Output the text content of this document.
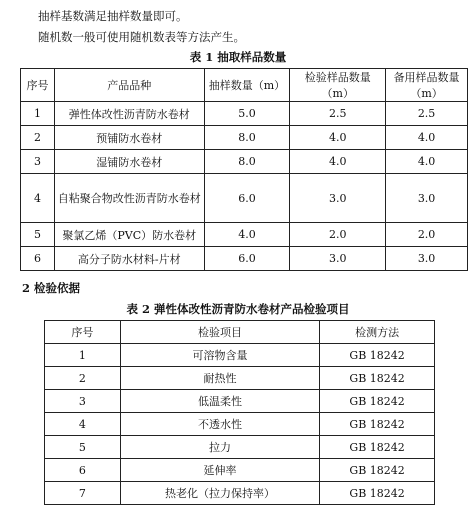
抽样基数满足抽样数量即可。

随机数一般可使用随机数表等方法产生。

表 1 抽取样品数量

序号	产品品种	抽样数量（m）	检验样品数量（m）	备用样品数量（m）
1	弹性体改性沥青防水卷材	5.0	2.5	2.5
2	预铺防水卷材	8.0	4.0	4.0
3	湿铺防水卷材	8.0	4.0	4.0
4	自粘聚合物改性沥青防水卷材	6.0	3.0	3.0
5	聚氯乙烯（PVC）防水卷材	4.0	2.0	2.0
6	高分子防水材料-片材	6.0	3.0	3.0

2 检验依据

表 2 弹性体改性沥青防水卷材产品检验项目

序号	检验项目	检测方法
1	可溶物含量	GB 18242
2	耐热性	GB 18242
3	低温柔性	GB 18242
4	不透水性	GB 18242
5	拉力	GB 18242
6	延伸率	GB 18242
7	热老化（拉力保持率）	GB 18242
